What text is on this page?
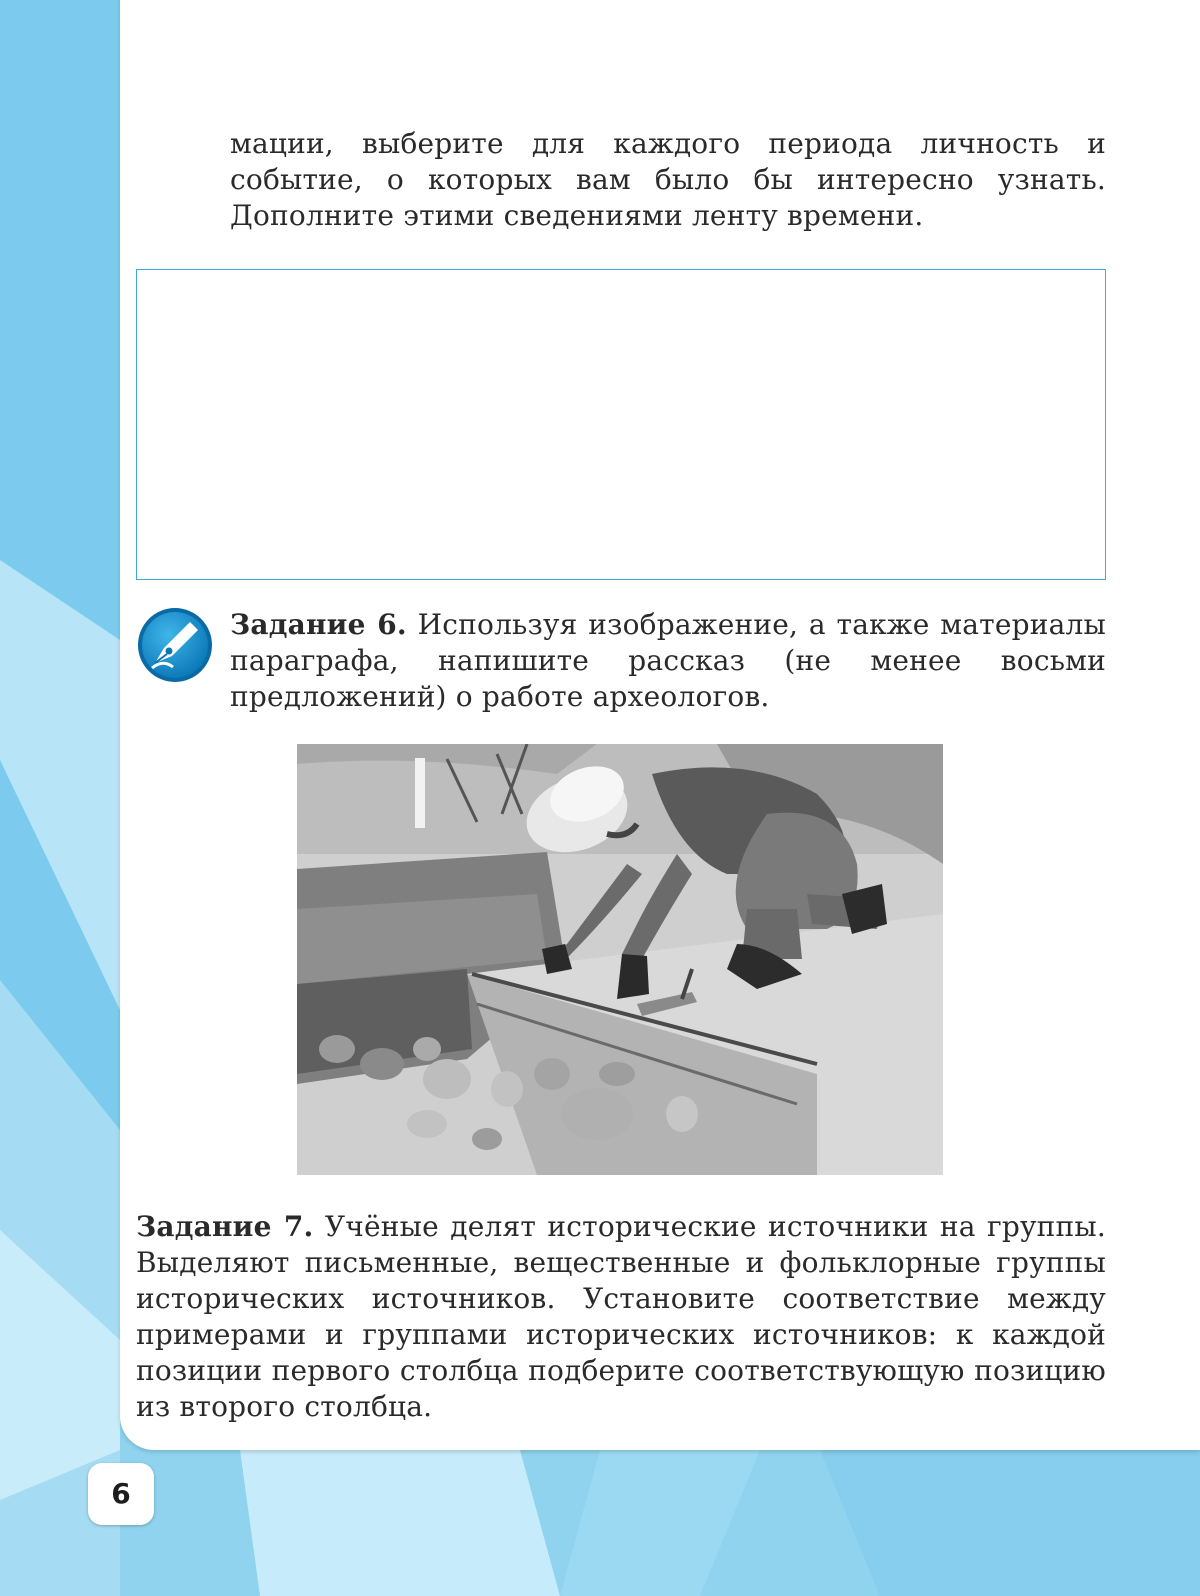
мации, выберите для каждого периода личность и событие, о которых вам было бы интересно узнать. Дополните этими сведениями ленту времени.

Задание 6. Используя изображение, а также материалы параграфа, напишите рассказ (не менее восьми предложений) о работе археологов.

Задание 7. Учёные делят исторические источники на группы. Выделяют письменные, вещественные и фольклорные группы исторических источников. Установите соответствие между примерами и группами исторических источников: к каждой позиции первого столбца подберите соответствующую позицию из второго столбца.

6
